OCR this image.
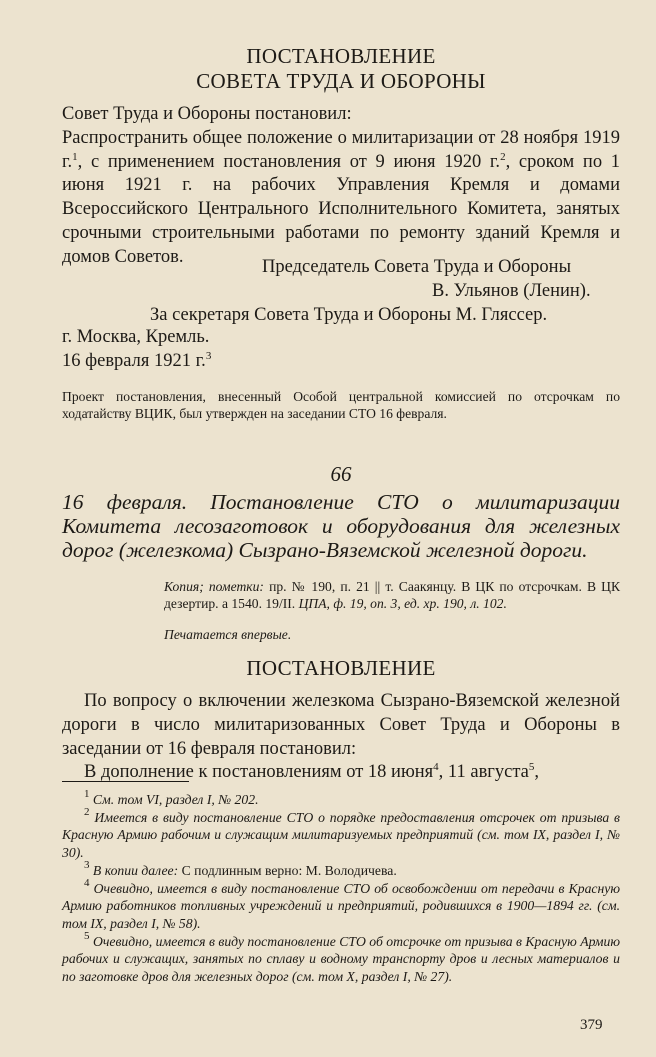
ПОСТАНОВЛЕНИЕ
СОВЕТА ТРУДА И ОБОРОНЫ
Совет Труда и Обороны постановил:
Распространить общее положение о милитаризации от 28 ноября 1919 г.$^1$, с применением постановления от 9 июня 1920 г.$^2$, сроком по 1 июня 1921 г. на рабочих Управления Кремля и домами Всероссийского Центрального Исполнительного Комитета, занятых срочными строительными работами по ремонту зданий Кремля и домов Советов.
Председатель Совета Труда и Обороны
В. Ульянов (Ленин).
За секретаря Совета Труда и Обороны М. Гляссер.
г. Москва, Кремль.
16 февраля 1921 г.$^3$
Проект постановления, внесенный Особой центральной комиссией по отсрочкам по ходатайству ВЦИК, был утвержден на заседании СТО 16 февраля.
66
16 февраля. Постановление СТО о милитаризации Комитета лесозаготовок и оборудования для железных дорог (железкома) Сызрано-Вяземской железной дороги.
Копия; пометки: пр. № 190, п. 21 || т. Саакянцу. В ЦК по отсрочкам. В ЦК дезертир. а 1540. 19/II. ЦПА, ф. 19, оп. 3, ед. хр. 190, л. 102.
Печатается впервые.
ПОСТАНОВЛЕНИЕ
По вопросу о включении железкома Сызрано-Вяземской железной дороги в число милитаризованных Совет Труда и Обороны в заседании от 16 февраля постановил:
В дополнение к постановлениям от 18 июня$^4$, 11 августа$^5$,

$^1$ См. том VI, раздел I, № 202.

$^2$ Имеется в виду постановление СТО о порядке предоставления отсрочек от призыва в Красную Армию рабочим и служащим милитаризуемых предприятий (см. том IX, раздел I, № 30).

$^3$ В копии далее: С подлинным верно: М. Володичева.

$^4$ Очевидно, имеется в виду постановление СТО об освобождении от передачи в Красную Армию работников топливных учреждений и предприятий, родившихся в 1900—1894 гг. (см. том IX, раздел I, № 58).

$^5$ Очевидно, имеется в виду постановление СТО об отсрочке от призыва в Красную Армию рабочих и служащих, занятых по сплаву и водному транспорту дров и лесных материалов и по заготовке дров для железных дорог (см. том X, раздел I, № 27).

379
